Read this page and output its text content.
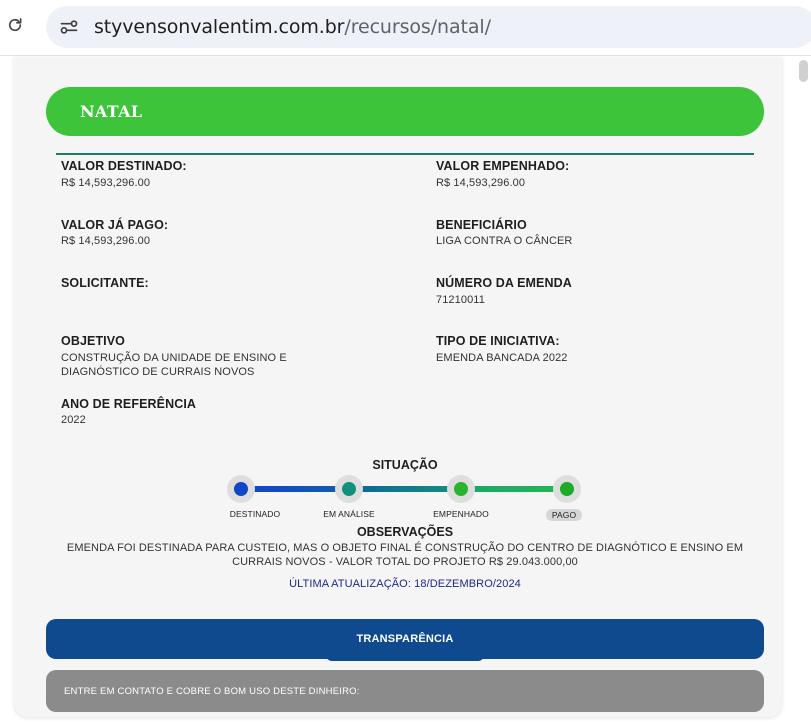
styvensonvalentim.com.br/recursos/natal/
NATAL
VALOR DESTINADO:
R$ 14,593,296.00
VALOR JÁ PAGO:
R$ 14,593,296.00
SOLICITANTE:
OBJETIVO
CONSTRUÇÃO DA UNIDADE DE ENSINO E
DIAGNÓSTICO DE CURRAIS NOVOS
ANO DE REFERÊNCIA
2022
VALOR EMPENHADO:
R$ 14,593,296.00
BENEFICIÁRIO
LIGA CONTRA O CÂNCER
NÚMERO DA EMENDA
71210011
TIPO DE INICIATIVA:
EMENDA BANCADA 2022
SITUAÇÃO
DESTINADO	EM ANÁLISE	EMPENHADO	PAGO
OBSERVAÇÕES
EMENDA FOI DESTINADA PARA CUSTEIO, MAS O OBJETO FINAL É CONSTRUÇÃO DO CENTRO DE DIAGNÓTICO E ENSINO EM
CURRAIS NOVOS - VALOR TOTAL DO PROJETO R$ 29.043.000,00
ÚLTIMA ATUALIZAÇÃO: 18/DEZEMBRO/2024
TRANSPARÊNCIA
ENTRE EM CONTATO E COBRE O BOM USO DESTE DINHEIRO:
